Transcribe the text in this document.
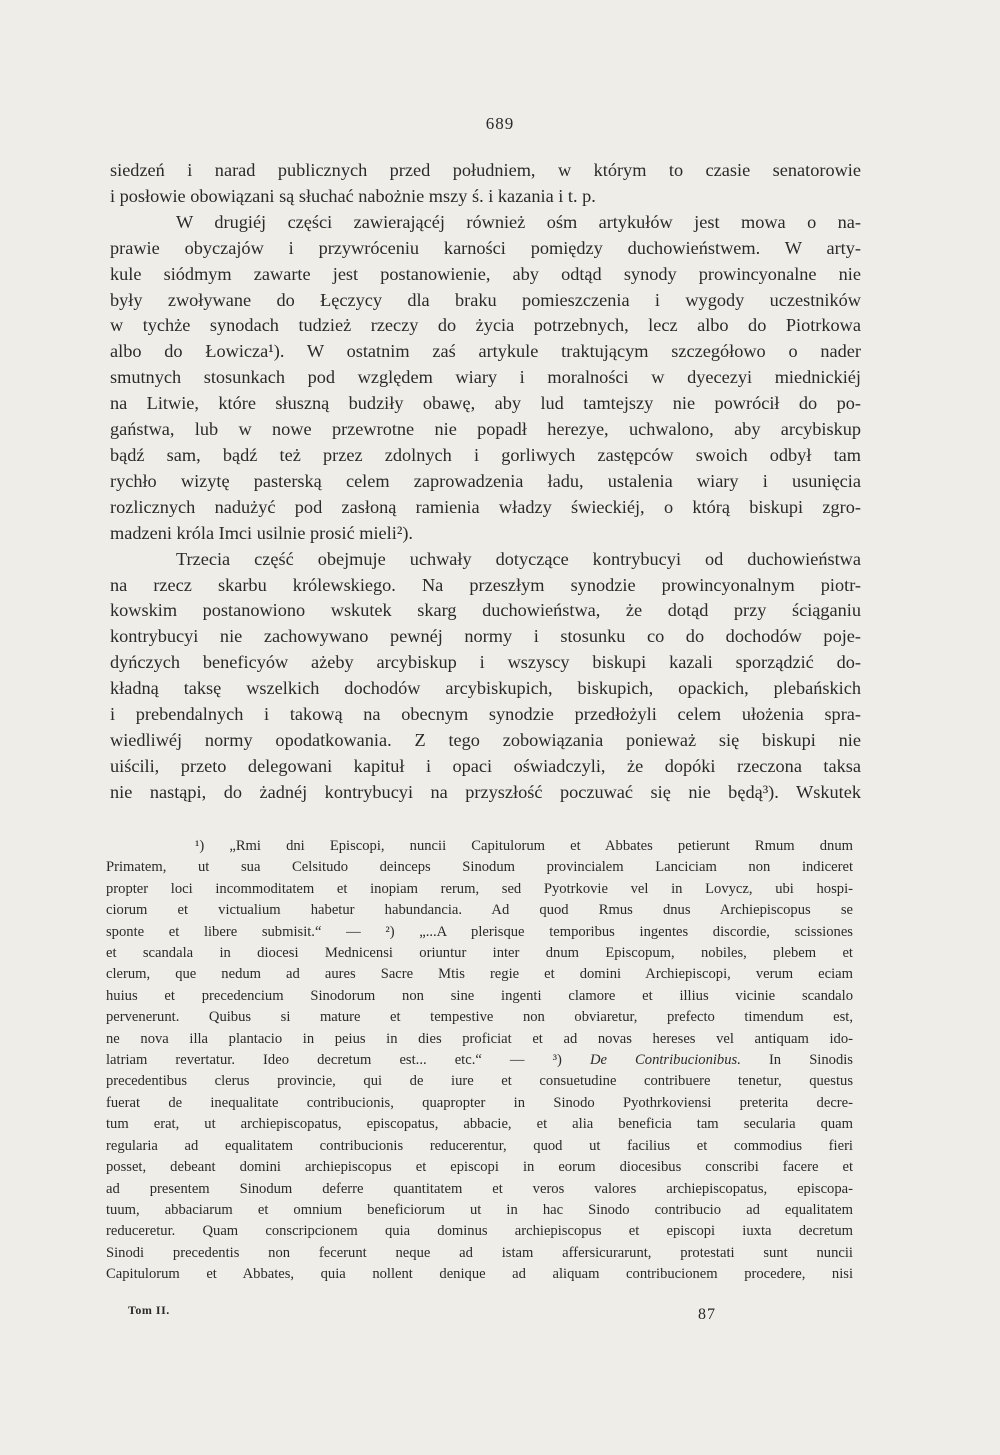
689
siedzeń i narad publicznych przed południem, w którym to czasie senatorowie
i posłowie obowiązani są słuchać nabożnie mszy ś. i kazania i t. p.
W drugiéj części zawierającéj również ośm artykułów jest mowa o na-
prawie obyczajów i przywróceniu karności pomiędzy duchowieństwem. W arty-
kule siódmym zawarte jest postanowienie, aby odtąd synody prowincyonalne nie
były zwoływane do Łęczycy dla braku pomieszczenia i wygody uczestników
w tychże synodach tudzież rzeczy do życia potrzebnych, lecz albo do Piotrkowa
albo do Łowicza¹). W ostatnim zaś artykule traktującym szczegółowo o nader
smutnych stosunkach pod względem wiary i moralności w dyecezyi miednickiéj
na Litwie, które słuszną budziły obawę, aby lud tamtejszy nie powrócił do po-
gaństwa, lub w nowe przewrotne nie popadł herezye, uchwalono, aby arcybiskup
bądź sam, bądź też przez zdolnych i gorliwych zastępców swoich odbył tam
rychło wizytę pasterską celem zaprowadzenia ładu, ustalenia wiary i usunięcia
rozlicznych nadużyć pod zasłoną ramienia władzy świeckiéj, o którą biskupi zgro-
madzeni króla Imci usilnie prosić mieli²).
Trzecia część obejmuje uchwały dotyczące kontrybucyi od duchowieństwa
na rzecz skarbu królewskiego. Na przeszłym synodzie prowincyonalnym piotr-
kowskim postanowiono wskutek skarg duchowieństwa, że dotąd przy ściąganiu
kontrybucyi nie zachowywano pewnéj normy i stosunku co do dochodów poje-
dyńczych beneficyów ażeby arcybiskup i wszyscy biskupi kazali sporządzić do-
kładną taksę wszelkich dochodów arcybiskupich, biskupich, opackich, plebańskich
i prebendalnych i takową na obecnym synodzie przedłożyli celem ułożenia spra-
wiedliwéj normy opodatkowania. Z tego zobowiązania ponieważ się biskupi nie
uiścili, przeto delegowani kapituł i opaci oświadczyli, że dopóki rzeczona taksa
nie nastąpi, do żadnéj kontrybucyi na przyszłość poczuwać się nie będą³). Wskutek
¹) „Rmi dni Episcopi, nuncii Capitulorum et Abbates petierunt Rmum dnum
Primatem, ut sua Celsitudo deinceps Sinodum provincialem Lanciciam non indiceret
propter loci incommoditatem et inopiam rerum, sed Pyotrkovie vel in Lovycz, ubi hospi-
ciorum et victualium habetur habundancia. Ad quod Rmus dnus Archiepiscopus se
sponte et libere submisit.“ — ²) „...A plerisque temporibus ingentes discordie, scissiones
et scandala in diocesi Mednicensi oriuntur inter dnum Episcopum, nobiles, plebem et
clerum, que nedum ad aures Sacre Mtis regie et domini Archiepiscopi, verum eciam
huius et precedencium Sinodorum non sine ingenti clamore et illius vicinie scandalo
pervenerunt. Quibus si mature et tempestive non obviaretur, prefecto timendum est,
ne nova illa plantacio in peius in dies proficiat et ad novas hereses vel antiquam ido-
latriam revertatur. Ideo decretum est... etc.“ — ³) De Contribucionibus. In Sinodis
precedentibus clerus provincie, qui de iure et consuetudine contribuere tenetur, questus
fuerat de inequalitate contribucionis, quapropter in Sinodo Pyothrkoviensi preterita decre-
tum erat, ut archiepiscopatus, episcopatus, abbacie, et alia beneficia tam secularia quam
regularia ad equalitatem contribucionis reducerentur, quod ut facilius et commodius fieri
posset, debeant domini archiepiscopus et episcopi in eorum diocesibus conscribi facere et
ad presentem Sinodum deferre quantitatem et veros valores archiepiscopatus, episcopa-
tuum, abbaciarum et omnium beneficiorum ut in hac Sinodo contribucio ad equalitatem
reduceretur. Quam conscripcionem quia dominus archiepiscopus et episcopi iuxta decretum
Sinodi precedentis non fecerunt neque ad istam affersicurarunt, protestati sunt nuncii
Capitulorum et Abbates, quia nollent denique ad aliquam contribucionem procedere, nisi
Tom II.	87
